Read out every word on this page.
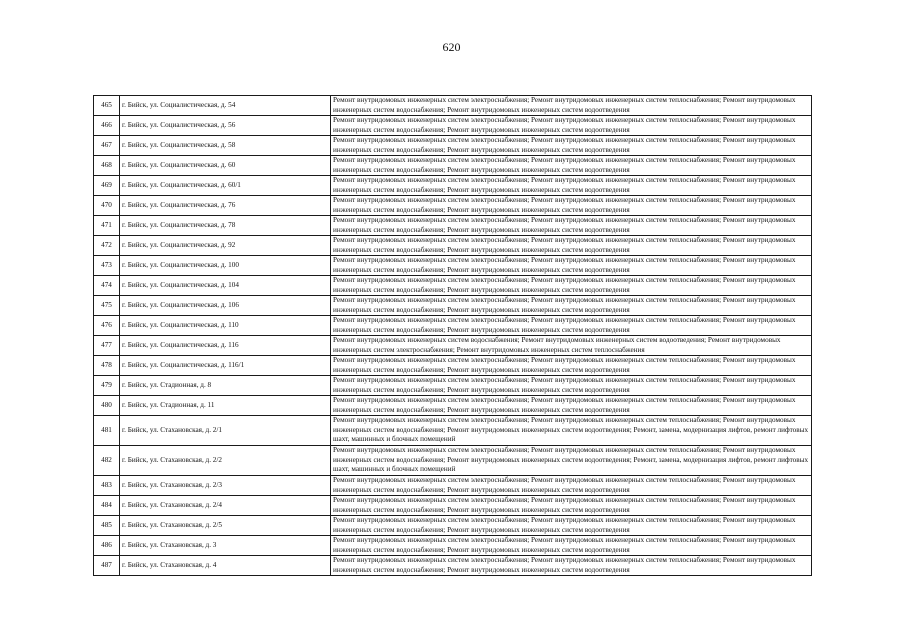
620
465	г. Бийск, ул. Социалистическая, д. 54	Ремонт внутридомовых инженерных систем электроснабжения; Ремонт внутридомовых инженерных систем теплоснабжения; Ремонт внутридомовых инженерных систем водоснабжения; Ремонт внутридомовых инженерных систем водоотведения
466	г. Бийск, ул. Социалистическая, д. 56	Ремонт внутридомовых инженерных систем электроснабжения; Ремонт внутридомовых инженерных систем теплоснабжения; Ремонт внутридомовых инженерных систем водоснабжения; Ремонт внутридомовых инженерных систем водоотведения
467	г. Бийск, ул. Социалистическая, д. 58	Ремонт внутридомовых инженерных систем электроснабжения; Ремонт внутридомовых инженерных систем теплоснабжения; Ремонт внутридомовых инженерных систем водоснабжения; Ремонт внутридомовых инженерных систем водоотведения
468	г. Бийск, ул. Социалистическая, д. 60	Ремонт внутридомовых инженерных систем электроснабжения; Ремонт внутридомовых инженерных систем теплоснабжения; Ремонт внутридомовых инженерных систем водоснабжения; Ремонт внутридомовых инженерных систем водоотведения
469	г. Бийск, ул. Социалистическая, д. 60/1	Ремонт внутридомовых инженерных систем электроснабжения; Ремонт внутридомовых инженерных систем теплоснабжения; Ремонт внутридомовых инженерных систем водоснабжения; Ремонт внутридомовых инженерных систем водоотведения
470	г. Бийск, ул. Социалистическая, д. 76	Ремонт внутридомовых инженерных систем электроснабжения; Ремонт внутридомовых инженерных систем теплоснабжения; Ремонт внутридомовых инженерных систем водоснабжения; Ремонт внутридомовых инженерных систем водоотведения
471	г. Бийск, ул. Социалистическая, д. 78	Ремонт внутридомовых инженерных систем электроснабжения; Ремонт внутридомовых инженерных систем теплоснабжения; Ремонт внутридомовых инженерных систем водоснабжения; Ремонт внутридомовых инженерных систем водоотведения
472	г. Бийск, ул. Социалистическая, д. 92	Ремонт внутридомовых инженерных систем электроснабжения; Ремонт внутридомовых инженерных систем теплоснабжения; Ремонт внутридомовых инженерных систем водоснабжения; Ремонт внутридомовых инженерных систем водоотведения
473	г. Бийск, ул. Социалистическая, д. 100	Ремонт внутридомовых инженерных систем электроснабжения; Ремонт внутридомовых инженерных систем теплоснабжения; Ремонт внутридомовых инженерных систем водоснабжения; Ремонт внутридомовых инженерных систем водоотведения
474	г. Бийск, ул. Социалистическая, д. 104	Ремонт внутридомовых инженерных систем электроснабжения; Ремонт внутридомовых инженерных систем теплоснабжения; Ремонт внутридомовых инженерных систем водоснабжения; Ремонт внутридомовых инженерных систем водоотведения
475	г. Бийск, ул. Социалистическая, д. 106	Ремонт внутридомовых инженерных систем электроснабжения; Ремонт внутридомовых инженерных систем теплоснабжения; Ремонт внутридомовых инженерных систем водоснабжения; Ремонт внутридомовых инженерных систем водоотведения
476	г. Бийск, ул. Социалистическая, д. 110	Ремонт внутридомовых инженерных систем электроснабжения; Ремонт внутридомовых инженерных систем теплоснабжения; Ремонт внутридомовых инженерных систем водоснабжения; Ремонт внутридомовых инженерных систем водоотведения
477	г. Бийск, ул. Социалистическая, д. 116	Ремонт внутридомовых инженерных систем водоснабжения; Ремонт внутридомовых инженерных систем водоотведения; Ремонт внутридомовых инженерных систем электроснабжения; Ремонт внутридомовых инженерных систем теплоснабжения
478	г. Бийск, ул. Социалистическая, д. 116/1	Ремонт внутридомовых инженерных систем электроснабжения; Ремонт внутридомовых инженерных систем теплоснабжения; Ремонт внутридомовых инженерных систем водоснабжения; Ремонт внутридомовых инженерных систем водоотведения
479	г. Бийск, ул. Стадионная, д. 8	Ремонт внутридомовых инженерных систем электроснабжения; Ремонт внутридомовых инженерных систем теплоснабжения; Ремонт внутридомовых инженерных систем водоснабжения; Ремонт внутридомовых инженерных систем водоотведения
480	г. Бийск, ул. Стадионная, д. 11	Ремонт внутридомовых инженерных систем электроснабжения; Ремонт внутридомовых инженерных систем теплоснабжения; Ремонт внутридомовых инженерных систем водоснабжения; Ремонт внутридомовых инженерных систем водоотведения
481	г. Бийск, ул. Стахановская, д. 2/1	Ремонт внутридомовых инженерных систем электроснабжения; Ремонт внутридомовых инженерных систем теплоснабжения; Ремонт внутридомовых инженерных систем водоснабжения; Ремонт внутридомовых инженерных систем водоотведения; Ремонт, замена, модернизация лифтов, ремонт лифтовых шахт, машинных и блочных помещений
482	г. Бийск, ул. Стахановская, д. 2/2	Ремонт внутридомовых инженерных систем электроснабжения; Ремонт внутридомовых инженерных систем теплоснабжения; Ремонт внутридомовых инженерных систем водоснабжения; Ремонт внутридомовых инженерных систем водоотведения; Ремонт, замена, модернизация лифтов, ремонт лифтовых шахт, машинных и блочных помещений
483	г. Бийск, ул. Стахановская, д. 2/3	Ремонт внутридомовых инженерных систем электроснабжения; Ремонт внутридомовых инженерных систем теплоснабжения; Ремонт внутридомовых инженерных систем водоснабжения; Ремонт внутридомовых инженерных систем водоотведения
484	г. Бийск, ул. Стахановская, д. 2/4	Ремонт внутридомовых инженерных систем электроснабжения; Ремонт внутридомовых инженерных систем теплоснабжения; Ремонт внутридомовых инженерных систем водоснабжения; Ремонт внутридомовых инженерных систем водоотведения
485	г. Бийск, ул. Стахановская, д. 2/5	Ремонт внутридомовых инженерных систем электроснабжения; Ремонт внутридомовых инженерных систем теплоснабжения; Ремонт внутридомовых инженерных систем водоснабжения; Ремонт внутридомовых инженерных систем водоотведения
486	г. Бийск, ул. Стахановская, д. 3	Ремонт внутридомовых инженерных систем электроснабжения; Ремонт внутридомовых инженерных систем теплоснабжения; Ремонт внутридомовых инженерных систем водоснабжения; Ремонт внутридомовых инженерных систем водоотведения
487	г. Бийск, ул. Стахановская, д. 4	Ремонт внутридомовых инженерных систем электроснабжения; Ремонт внутридомовых инженерных систем теплоснабжения; Ремонт внутридомовых инженерных систем водоснабжения; Ремонт внутридомовых инженерных систем водоотведения
